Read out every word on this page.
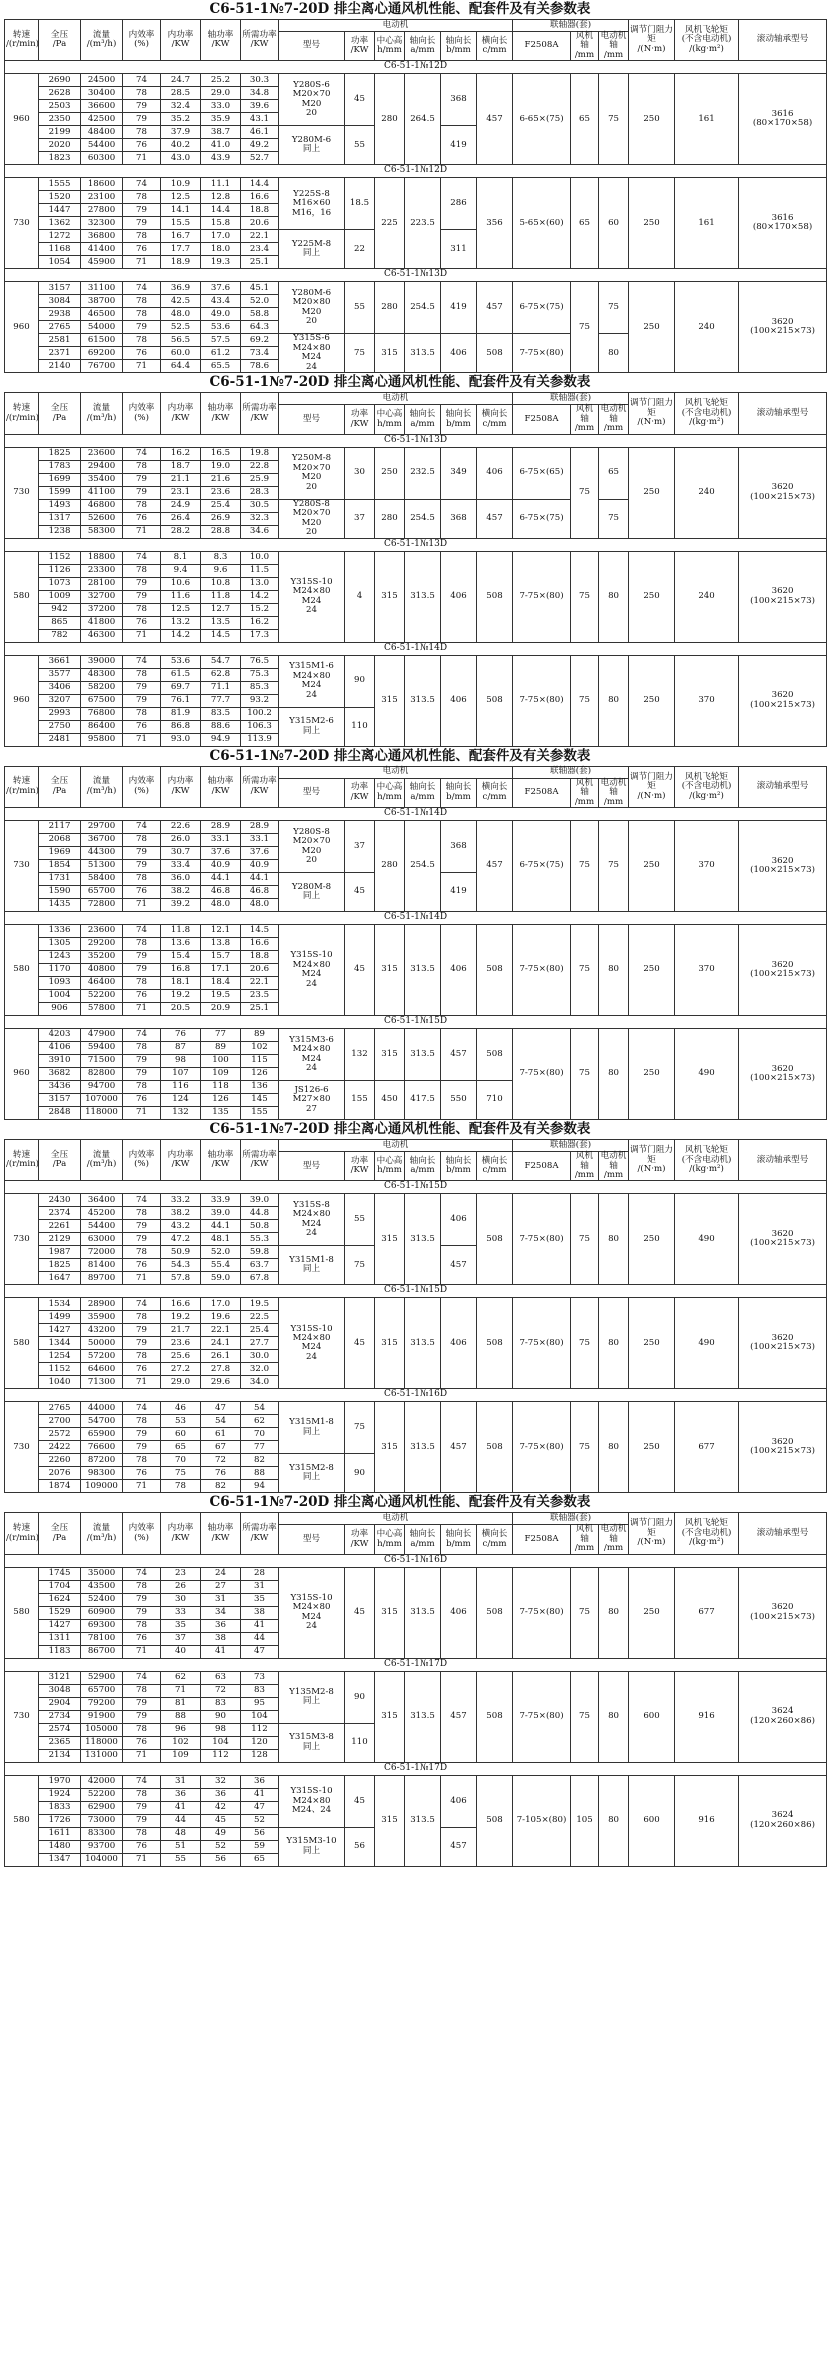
C6-51-1№7-20D 排尘离心通风机性能、配套件及有关参数表
转速
/(r/min)	全压
/Pa	流量
/(m³/h)	内效率
(%)	内功率
/KW	轴功率
/KW	所需功率
/KW	电动机						联轴器(套)			调节门阻力矩
/(N·m)	风机飞轮矩
(不含电动机)
/(kg·m²)	滚动轴承型号
							型号	功率
/KW	中心高
h/mm	轴向长
a/mm	轴向长
b/mm	横向长
c/mm	F2508A	风机轴
/mm	电动机轴
/mm			
C6-51-1№12D																		
960	2690	24500	74	24.7	25.2	30.3	Y280S-6
M20×70
M20
20	45	280	264.5	368	457	6-65×(75)	65	75	250	161	3616
(80×170×58)
	2628	30400	78	28.5	29.0	34.8												
	2503	36600	79	32.4	33.0	39.6												
	2350	42500	79	35.2	35.9	43.1												
	2199	48400	78	37.9	38.7	46.1	Y280M-6
同上	55			419							
	2020	54400	76	40.2	41.0	49.2												
	1823	60300	71	43.0	43.9	52.7												
C6-51-1№12D																		
730	1555	18600	74	10.9	11.1	14.4	Y225S-8
M16×60
M16，16	18.5	225	223.5	286	356	5-65×(60)	65	60	250	161	3616
(80×170×58)
	1520	23100	78	12.5	12.8	16.6												
	1447	27800	79	14.1	14.4	18.8												
	1362	32300	79	15.5	15.8	20.6												
	1272	36800	78	16.7	17.0	22.1	Y225M-8
同上	22			311							
	1168	41400	76	17.7	18.0	23.4												
	1054	45900	71	18.9	19.3	25.1												
C6-51-1№13D																		
960	3157	31100	74	36.9	37.6	45.1	Y280M-6
M20×80
M20
20	55	280	254.5	419	457	6-75×(75)	75	75	250	240	3620
(100×215×73)
	3084	38700	78	42.5	43.4	52.0												
	2938	46500	78	48.0	49.0	58.8												
	2765	54000	79	52.5	53.6	64.3												
	2581	61500	78	56.5	57.5	69.2	Y315S-6
M24×80
M24
24	75	315	313.5	406	508	7-75×(80)		80			
	2371	69200	76	60.0	61.2	73.4												
	2140	76700	71	64.4	65.5	78.6												
C6-51-1№7-20D 排尘离心通风机性能、配套件及有关参数表
转速
/(r/min)	全压
/Pa	流量
/(m³/h)	内效率
(%)	内功率
/KW	轴功率
/KW	所需功率
/KW	电动机						联轴器(套)			调节门阻力矩
/(N·m)	风机飞轮矩
(不含电动机)
/(kg·m²)	滚动轴承型号
							型号	功率
/KW	中心高
h/mm	轴向长
a/mm	轴向长
b/mm	横向长
c/mm	F2508A	风机轴
/mm	电动机轴
/mm			
C6-51-1№13D																		
730	1825	23600	74	16.2	16.5	19.8	Y250M-8
M20×70
M20
20	30	250	232.5	349	406	6-75×(65)	75	65	250	240	3620
(100×215×73)
	1783	29400	78	18.7	19.0	22.8												
	1699	35400	79	21.1	21.6	25.9												
	1599	41100	79	23.1	23.6	28.3												
	1493	46800	78	24.9	25.4	30.5	Y280S-8
M20×70
M20
20	37	280	254.5	368	457	6-75×(75)		75			
	1317	52600	76	26.4	26.9	32.3												
	1238	58300	71	28.2	28.8	34.6												
C6-51-1№13D																		
580	1152	18800	74	8.1	8.3	10.0	Y315S-10
M24×80
M24
24	4	315	313.5	406	508	7-75×(80)	75	80	250	240	3620
(100×215×73)
	1126	23300	78	9.4	9.6	11.5												
	1073	28100	79	10.6	10.8	13.0												
	1009	32700	79	11.6	11.8	14.2												
	942	37200	78	12.5	12.7	15.2												
	865	41800	76	13.2	13.5	16.2												
	782	46300	71	14.2	14.5	17.3												
C6-51-1№14D																		
960	3661	39000	74	53.6	54.7	76.5	Y315M1-6
M24×80
M24
24	90	315	313.5	406	508	7-75×(80)	75	80	250	370	3620
(100×215×73)
	3577	48300	78	61.5	62.8	75.3												
	3406	58200	79	69.7	71.1	85.3												
	3207	67500	79	76.1	77.7	93.2												
	2993	76800	78	81.9	83.5	100.2	Y315M2-6
同上	110										
	2750	86400	76	86.8	88.6	106.3												
	2481	95800	71	93.0	94.9	113.9												
C6-51-1№7-20D 排尘离心通风机性能、配套件及有关参数表
转速
/(r/min)	全压
/Pa	流量
/(m³/h)	内效率
(%)	内功率
/KW	轴功率
/KW	所需功率
/KW	电动机						联轴器(套)			调节门阻力矩
/(N·m)	风机飞轮矩
(不含电动机)
/(kg·m²)	滚动轴承型号
							型号	功率
/KW	中心高
h/mm	轴向长
a/mm	轴向长
b/mm	横向长
c/mm	F2508A	风机轴
/mm	电动机轴
/mm			
C6-51-1№14D																		
730	2117	29700	74	22.6	28.9	28.9	Y280S-8
M20×70
M20
20	37	280	254.5	368	457	6-75×(75)	75	75	250	370	3620
(100×215×73)
	2068	36700	78	26.0	33.1	33.1												
	1969	44300	79	30.7	37.6	37.6												
	1854	51300	79	33.4	40.9	40.9												
	1731	58400	78	36.0	44.1	44.1	Y280M-8
同上	45			419							
	1590	65700	76	38.2	46.8	46.8												
	1435	72800	71	39.2	48.0	48.0												
C6-51-1№14D																		
580	1336	23600	74	11.8	12.1	14.5	Y315S-10
M24×80
M24
24	45	315	313.5	406	508	7-75×(80)	75	80	250	370	3620
(100×215×73)
	1305	29200	78	13.6	13.8	16.6												
	1243	35200	79	15.4	15.7	18.8												
	1170	40800	79	16.8	17.1	20.6												
	1093	46400	78	18.1	18.4	22.1												
	1004	52200	76	19.2	19.5	23.5												
	906	57800	71	20.5	20.9	25.1												
C6-51-1№15D																		
960	4203	47900	74	76	77	89	Y315M3-6
M24×80
M24
24	132	315	313.5	457	508	7-75×(80)	75	80	250	490	3620
(100×215×73)
	4106	59400	78	87	89	102												
	3910	71500	79	98	100	115												
	3682	82800	79	107	109	126												
	3436	94700	78	116	118	136	JS126-6
M27×80
27	155	450	417.5	550	710						
	3157	107000	76	124	126	145												
	2848	118000	71	132	135	155												
C6-51-1№7-20D 排尘离心通风机性能、配套件及有关参数表
转速
/(r/min)	全压
/Pa	流量
/(m³/h)	内效率
(%)	内功率
/KW	轴功率
/KW	所需功率
/KW	电动机						联轴器(套)			调节门阻力矩
/(N·m)	风机飞轮矩
(不含电动机)
/(kg·m²)	滚动轴承型号
							型号	功率
/KW	中心高
h/mm	轴向长
a/mm	轴向长
b/mm	横向长
c/mm	F2508A	风机轴
/mm	电动机轴
/mm			
C6-51-1№15D																		
730	2430	36400	74	33.2	33.9	39.0	Y315S-8
M24×80
M24
24	55	315	313.5	406	508	7-75×(80)	75	80	250	490	3620
(100×215×73)
	2374	45200	78	38.2	39.0	44.8												
	2261	54400	79	43.2	44.1	50.8												
	2129	63000	79	47.2	48.1	55.3												
	1987	72000	78	50.9	52.0	59.8	Y315M1-8
同上	75			457							
	1825	81400	76	54.3	55.4	63.7												
	1647	89700	71	57.8	59.0	67.8												
C6-51-1№15D																		
580	1534	28900	74	16.6	17.0	19.5	Y315S-10
M24×80
M24
24	45	315	313.5	406	508	7-75×(80)	75	80	250	490	3620
(100×215×73)
	1499	35900	78	19.2	19.6	22.5												
	1427	43200	79	21.7	22.1	25.4												
	1344	50000	79	23.6	24.1	27.7												
	1254	57200	78	25.6	26.1	30.0												
	1152	64600	76	27.2	27.8	32.0												
	1040	71300	71	29.0	29.6	34.0												
C6-51-1№16D																		
730	2765	44000	74	46	47	54	Y315M1-8
同上	75	315	313.5	457	508	7-75×(80)	75	80	250	677	3620
(100×215×73)
	2700	54700	78	53	54	62												
	2572	65900	79	60	61	70												
	2422	76600	79	65	67	77												
	2260	87200	78	70	72	82	Y315M2-8
同上	90										
	2076	98300	76	75	76	88												
	1874	109000	71	78	82	94												
C6-51-1№7-20D 排尘离心通风机性能、配套件及有关参数表
转速
/(r/min)	全压
/Pa	流量
/(m³/h)	内效率
(%)	内功率
/KW	轴功率
/KW	所需功率
/KW	电动机						联轴器(套)			调节门阻力矩
/(N·m)	风机飞轮矩
(不含电动机)
/(kg·m²)	滚动轴承型号
							型号	功率
/KW	中心高
h/mm	轴向长
a/mm	轴向长
b/mm	横向长
c/mm	F2508A	风机轴
/mm	电动机轴
/mm			
C6-51-1№16D																		
580	1745	35000	74	23	24	28	Y315S-10
M24×80
M24
24	45	315	313.5	406	508	7-75×(80)	75	80	250	677	3620
(100×215×73)
	1704	43500	78	26	27	31												
	1624	52400	79	30	31	35												
	1529	60900	79	33	34	38												
	1427	69300	78	35	36	41												
	1311	78100	76	37	38	44												
	1183	86700	71	40	41	47												
C6-51-1№17D																		
730	3121	52900	74	62	63	73	Y135M2-8
同上	90	315	313.5	457	508	7-75×(80)	75	80	600	916	3624
(120×260×86)
	3048	65700	78	71	72	83												
	2904	79200	79	81	83	95												
	2734	91900	79	88	90	104												
	2574	105000	78	96	98	112	Y315M3-8
同上	110										
	2365	118000	76	102	104	120												
	2134	131000	71	109	112	128												
C6-51-1№17D																		
580	1970	42000	74	31	32	36	Y315S-10
M24×80
M24、24	45	315	313.5	406	508	7-105×(80)	105	80	600	916	3624
(120×260×86)
	1924	52200	78	36	36	41												
	1833	62900	79	41	42	47												
	1726	73000	79	44	45	52												
	1611	83300	78	48	49	56	Y315M3-10
同上	56			457							
	1480	93700	76	51	52	59												
	1347	104000	71	55	56	65												
